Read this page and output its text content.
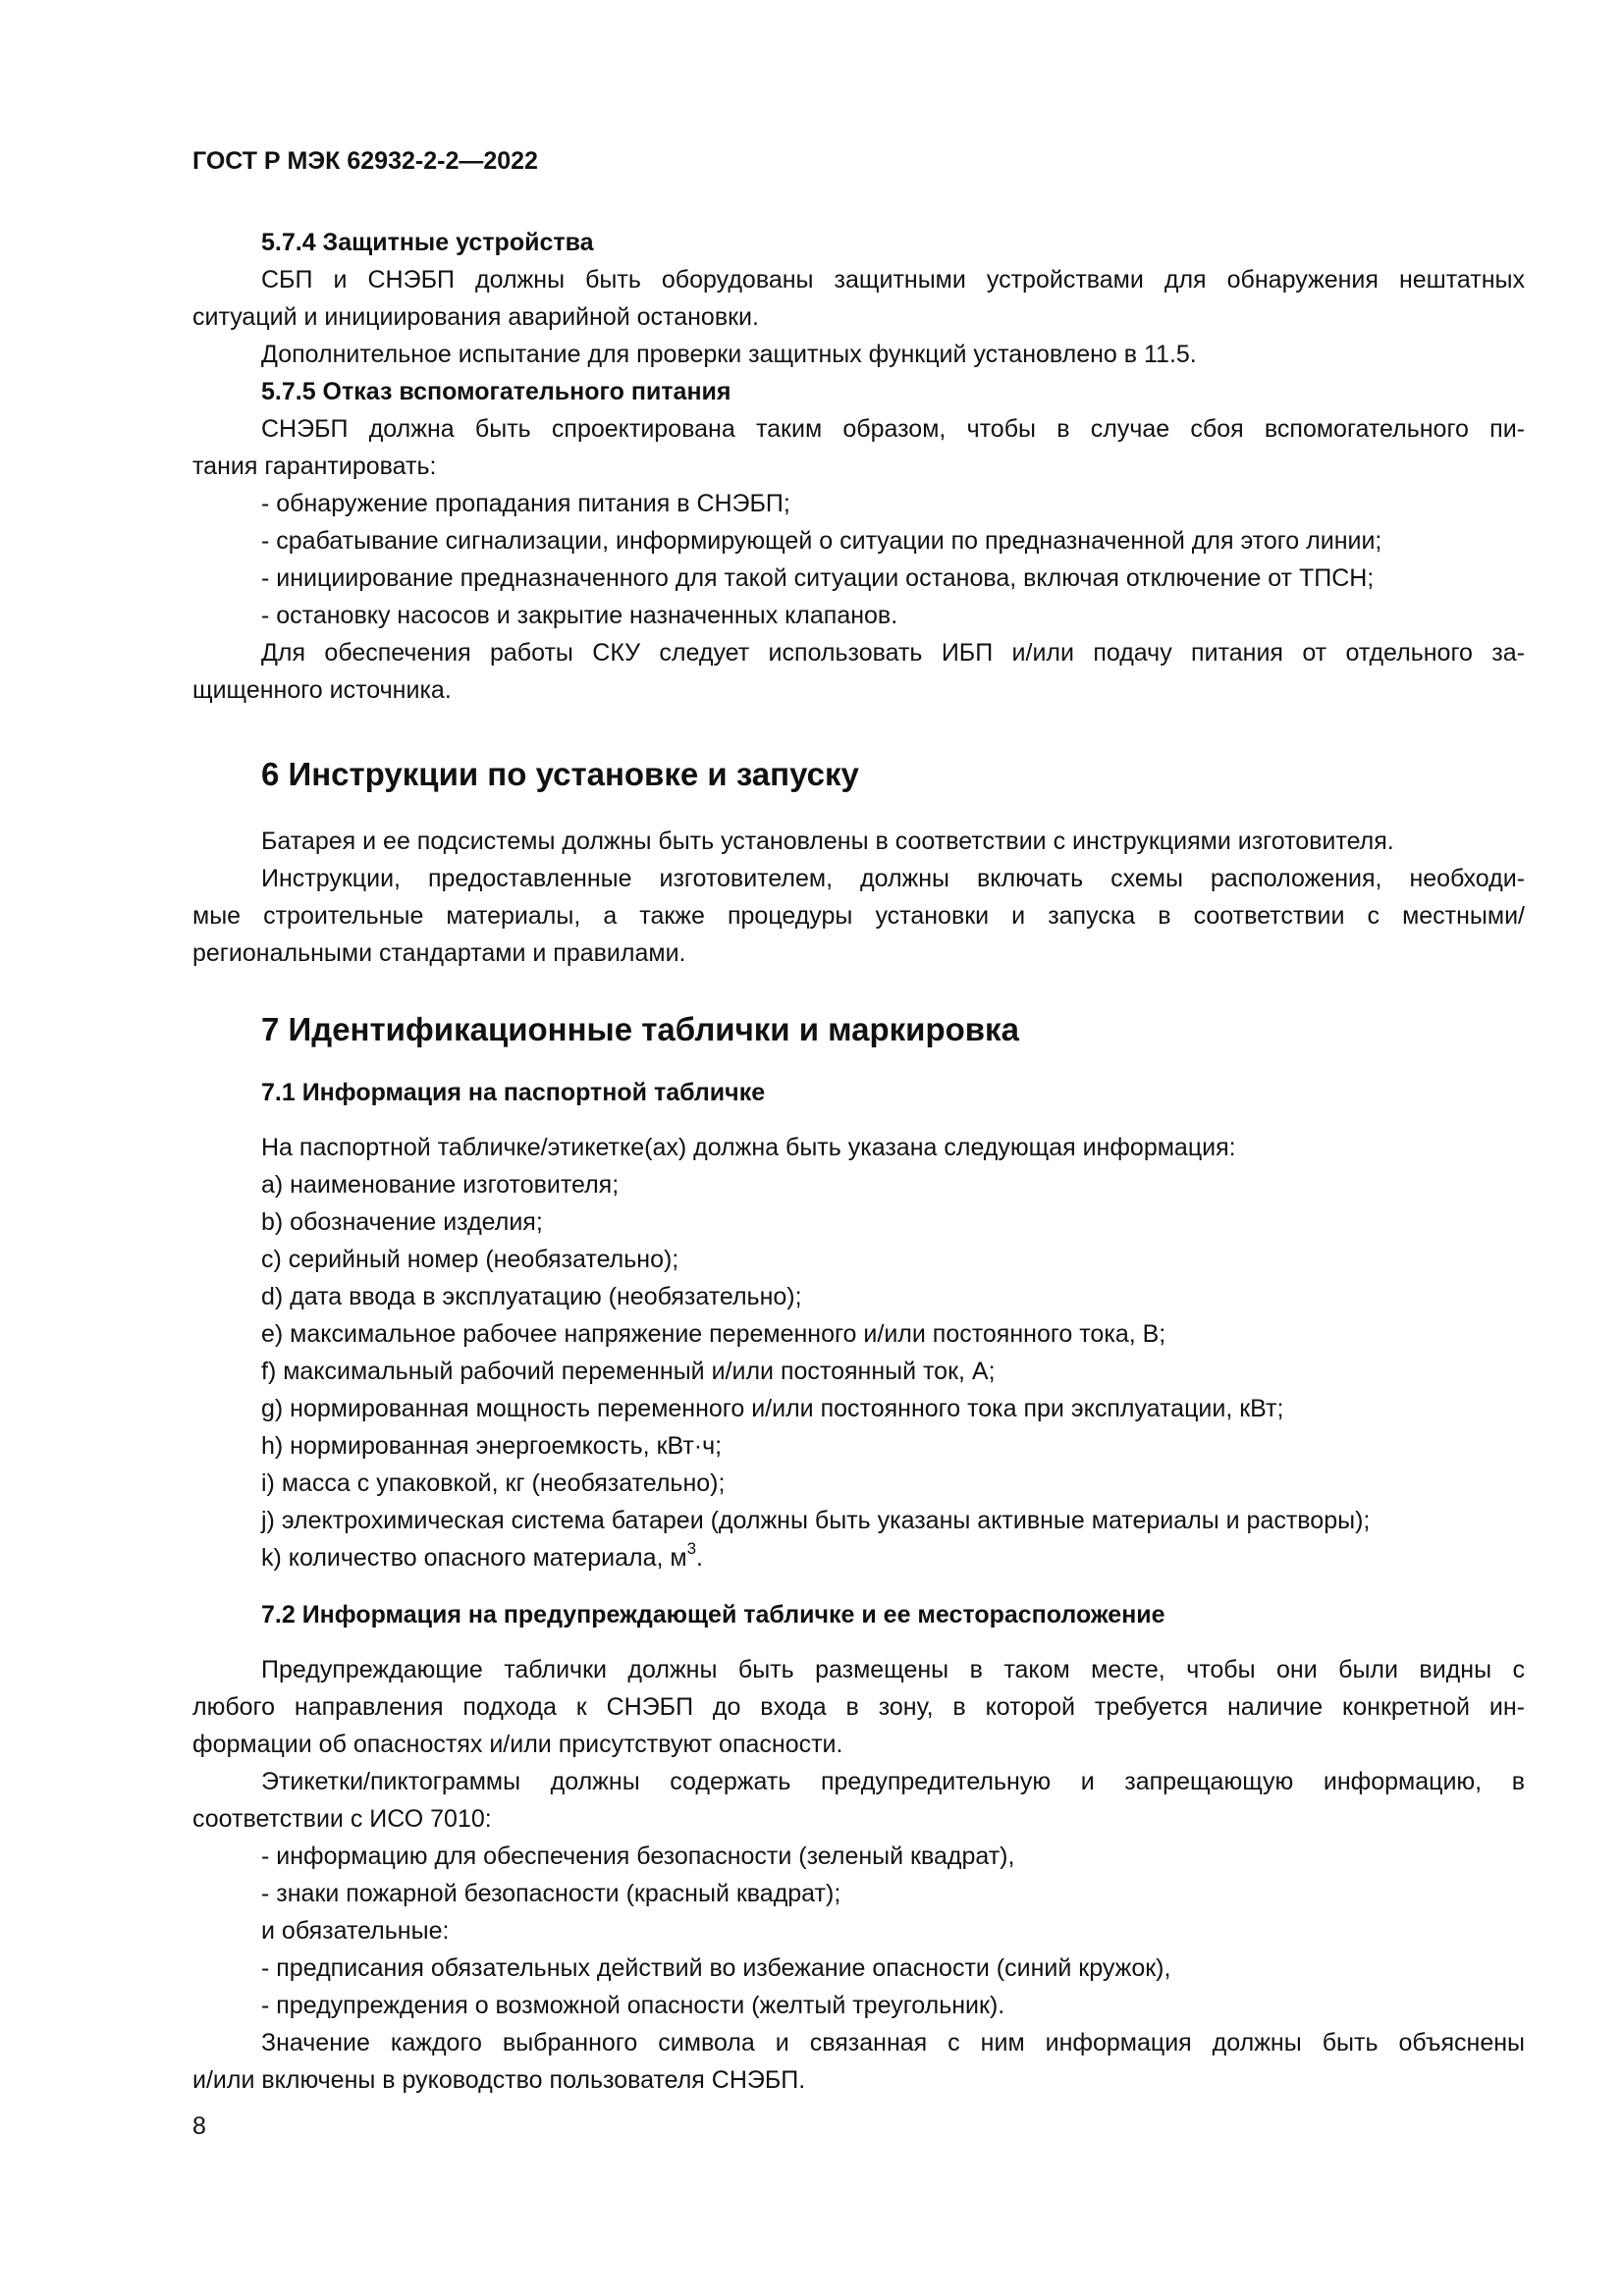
ГОСТ Р МЭК 62932-2-2—2022
5.7.4 Защитные устройства
СБП и СНЭБП должны быть оборудованы защитными устройствами для обнаружения нештатных
ситуаций и инициирования аварийной остановки.
Дополнительное испытание для проверки защитных функций установлено в 11.5.
5.7.5 Отказ вспомогательного питания
СНЭБП должна быть спроектирована таким образом, чтобы в случае сбоя вспомогательного пи-
тания гарантировать:
- обнаружение пропадания питания в СНЭБП;
- срабатывание сигнализации, информирующей о ситуации по предназначенной для этого линии;
- инициирование предназначенного для такой ситуации останова, включая отключение от ТПСН;
- остановку насосов и закрытие назначенных клапанов.
Для обеспечения работы СКУ следует использовать ИБП и/или подачу питания от отдельного за-
щищенного источника.
6 Инструкции по установке и запуску
Батарея и ее подсистемы должны быть установлены в соответствии с инструкциями изготовителя.
Инструкции, предоставленные изготовителем, должны включать схемы расположения, необходи-
мые строительные материалы, а также процедуры установки и запуска в соответствии с местными/
региональными стандартами и правилами.
7 Идентификационные таблички и маркировка
7.1 Информация на паспортной табличке
На паспортной табличке/этикетке(ах) должна быть указана следующая информация:
a) наименование изготовителя;
b) обозначение изделия;
c) серийный номер (необязательно);
d) дата ввода в эксплуатацию (необязательно);
e) максимальное рабочее напряжение переменного и/или постоянного тока, В;
f) максимальный рабочий переменный и/или постоянный ток, А;
g) нормированная мощность переменного и/или постоянного тока при эксплуатации, кВт;
h) нормированная энергоемкость, кВт·ч;
i) масса с упаковкой, кг (необязательно);
j) электрохимическая система батареи (должны быть указаны активные материалы и растворы);
k) количество опасного материала, $м^3$.
7.2 Информация на предупреждающей табличке и ее месторасположение
Предупреждающие таблички должны быть размещены в таком месте, чтобы они были видны с
любого направления подхода к СНЭБП до входа в зону, в которой требуется наличие конкретной ин-
формации об опасностях и/или присутствуют опасности.
Этикетки/пиктограммы должны содержать предупредительную и запрещающую информацию, в
соответствии с ИСО 7010:
- информацию для обеспечения безопасности (зеленый квадрат),
- знаки пожарной безопасности (красный квадрат);
и обязательные:
- предписания обязательных действий во избежание опасности (синий кружок),
- предупреждения о возможной опасности (желтый треугольник).
Значение каждого выбранного символа и связанная с ним информация должны быть объяснены
и/или включены в руководство пользователя СНЭБП.
8
